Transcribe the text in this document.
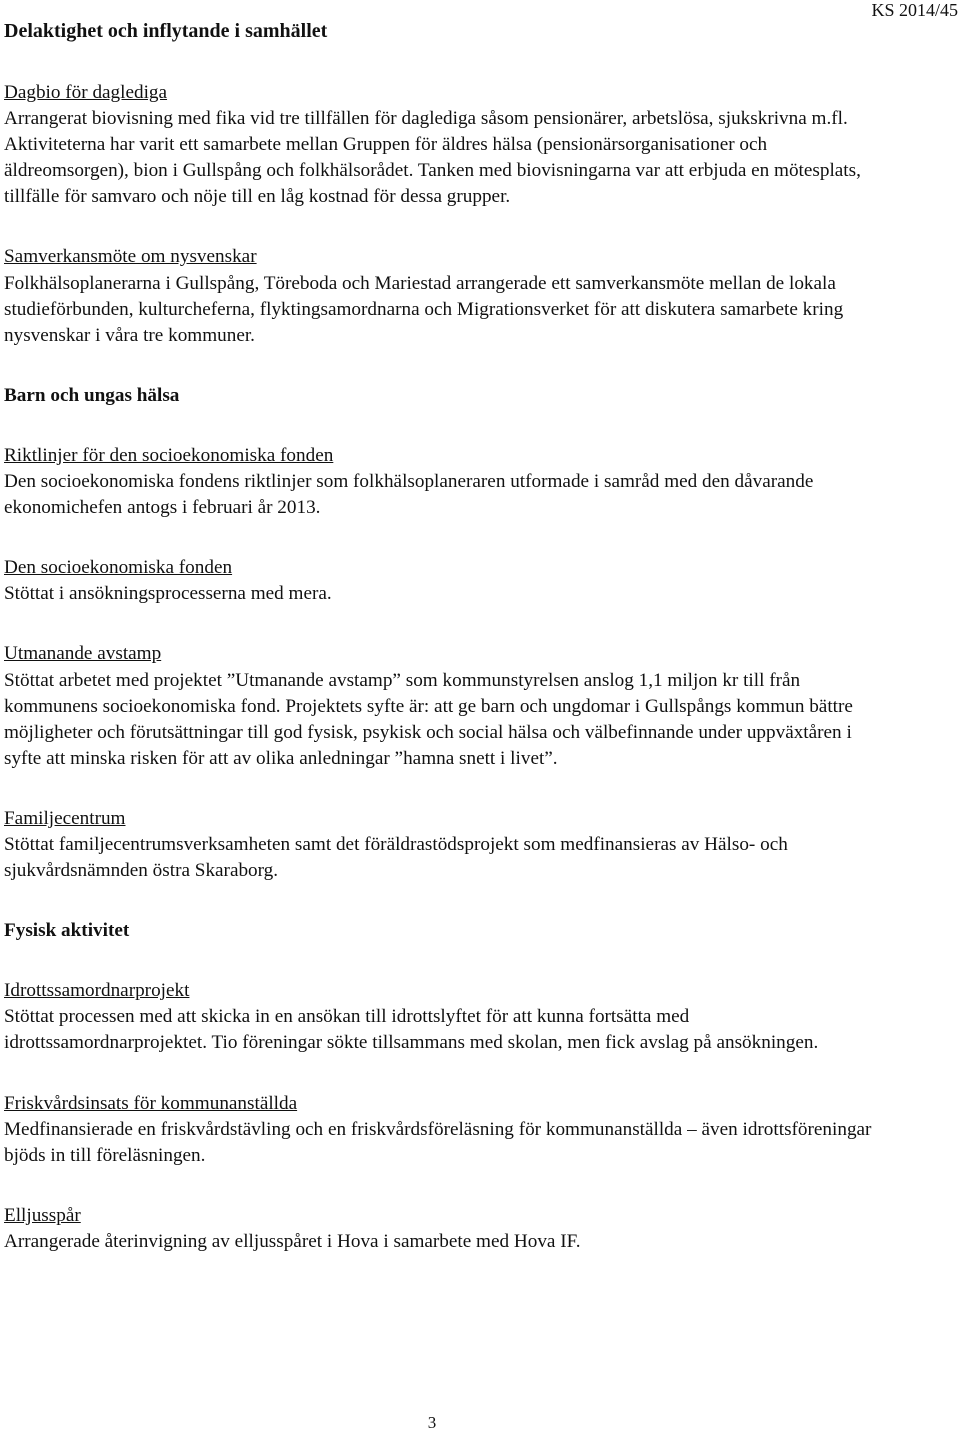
Delaktighet och inflytande i samhället
KS 2014/45
Dagbio för dagledigа

Arrangerat biovisning med fika vid tre tillfällen för dagledigа såsom pensionärer, arbetslösa, sjukskrivna m.fl. Aktiviteterna har varit ett samarbete mellan Gruppen för äldres hälsa (pensionärsorganisationer och äldreomsorgen), bion i Gullspång och folkhälsorådet. Tanken med biovisningarna var att erbjuda en mötesplats, tillfälle för samvaro och nöje till en låg kostnad för dessa grupper.

Samverkansmöte om nysvenskar

Folkhälsoplanerarna i Gullspång, Töreboda och Mariestad arrangerade ett samverkansmöte mellan de lokala studieförbunden, kulturcheferna, flyktingsamordnarna och Migrationsverket för att diskutera samarbete kring nysvenskar i våra tre kommuner.

Barn och ungas hälsa
Riktlinjer för den socioekonomiska fonden

Den socioekonomiska fondens riktlinjer som folkhälsoplaneraren utformade i samråd med den dåvarande ekonomichefen antogs i februari år 2013.

Den socioekonomiska fonden

Stöttat i ansökningsprocesserna med mera.

Utmanande avstamp

Stöttat arbetet med projektet ”Utmanande avstamp” som kommunstyrelsen anslog 1,1 miljon kr till från kommunens socioekonomiska fond. Projektets syfte är: att ge barn och ungdomar i Gullspångs kommun bättre möjligheter och förutsättningar till god fysisk, psykisk och social hälsa och välbefinnande under uppväxtåren i syfte att minska risken för att av olika anledningar ”hamna snett i livet”.

Familjecentrum

Stöttat familjecentrumsverksamheten samt det föräldrastödsprojekt som medfinansieras av Hälso- och sjukvårdsnämnden östra Skaraborg.

Fysisk aktivitet
Idrottssamordnarprojekt

Stöttat processen med att skicka in en ansökan till idrottslyftet för att kunna fortsätta med idrottssamordnarprojektet. Tio föreningar sökte tillsammans med skolan, men fick avslag på ansökningen.

Friskvårdsinsats för kommunanställda

Medfinansierade en friskvårdstävling och en friskvårdsföreläsning för kommunanställda – även idrottsföreningar bjöds in till föreläsningen.

Elljusspår

Arrangerade återinvigning av elljusspåret i Hova i samarbete med Hova IF.

3
